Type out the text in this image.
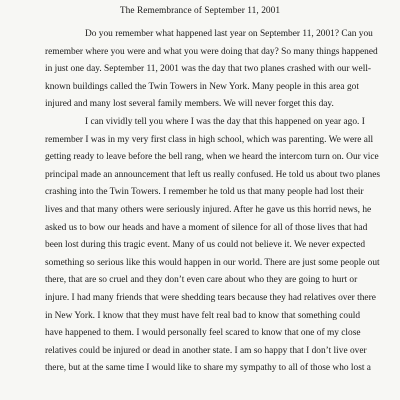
The Remembrance of September 11, 2001
Do you remember what happened last year on September 11, 2001? Can you
remember where you were and what you were doing that day? So many things happened
in just one day. September 11, 2001 was the day that two planes crashed with our well-
known buildings called the Twin Towers in New York. Many people in this area got
injured and many lost several family members. We will never forget this day.
I can vividly tell you where I was the day that this happened on year ago. I
remember I was in my very first class in high school, which was parenting. We were all
getting ready to leave before the bell rang, when we heard the intercom turn on. Our vice
principal made an announcement that left us really confused. He told us about two planes
crashing into the Twin Towers. I remember he told us that many people had lost their
lives and that many others were seriously injured. After he gave us this horrid news, he
asked us to bow our heads and have a moment of silence for all of those lives that had
been lost during this tragic event. Many of us could not believe it. We never expected
something so serious like this would happen in our world. There are just some people out
there, that are so cruel and they don’t even care about who they are going to hurt or
injure. I had many friends that were shedding tears because they had relatives over there
in New York. I know that they must have felt real bad to know that something could
have happened to them. I would personally feel scared to know that one of my close
relatives could be injured or dead in another state. I am so happy that I don’t live over
there, but at the same time I would like to share my sympathy to all of those who lost a
